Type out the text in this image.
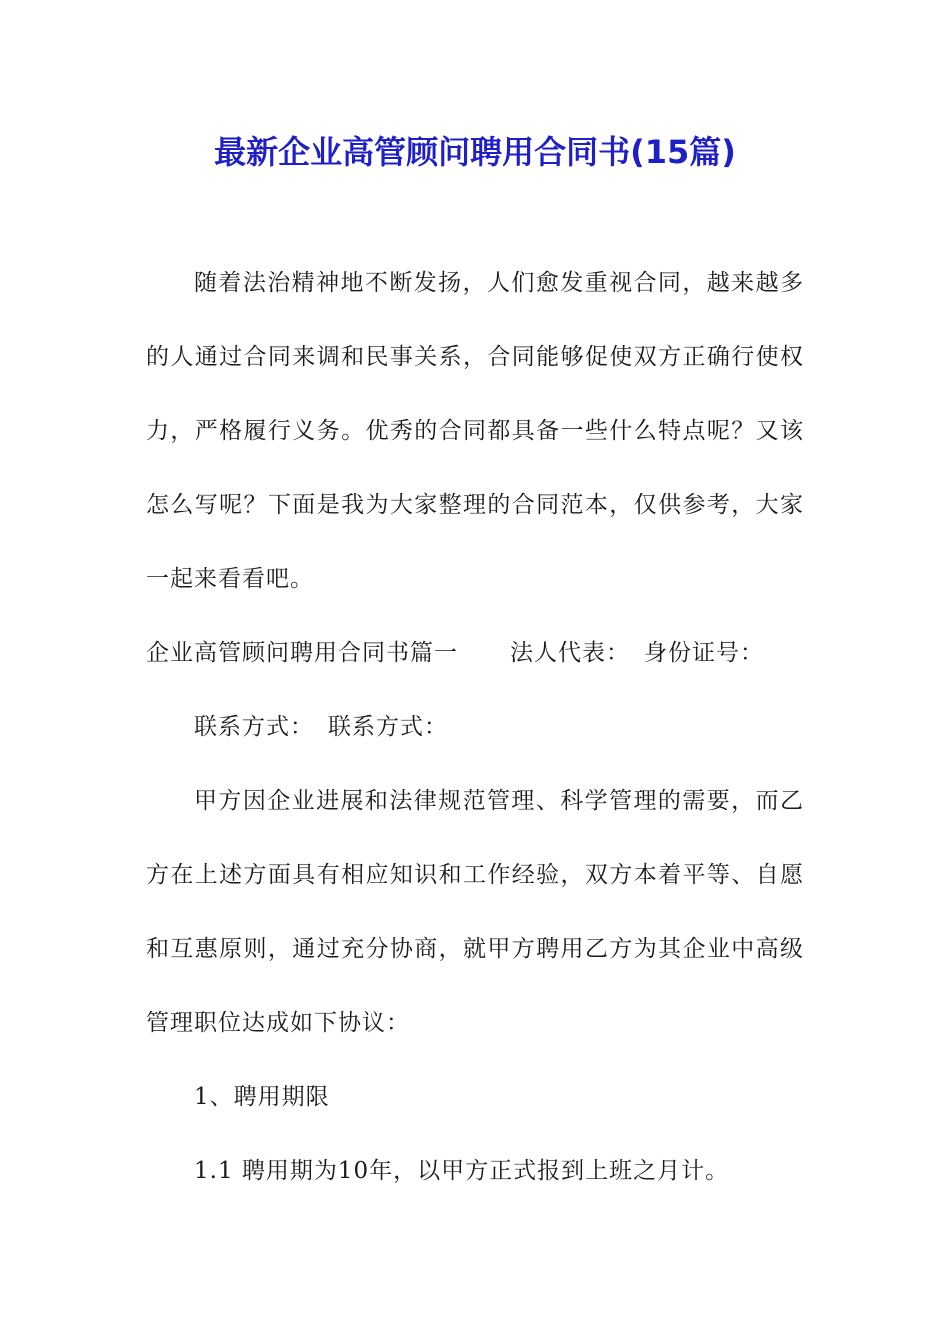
最新企业高管顾问聘用合同书(15篇)

随着法治精神地不断发扬，人们愈发重视合同，越来越多的人通过合同来调和民事关系，合同能够促使双方正确行使权力，严格履行义务。优秀的合同都具备一些什么特点呢？又该怎么写呢？下面是我为大家整理的合同范本，仅供参考，大家一起来看看吧。

企业高管顾问聘用合同书篇一 法人代表： 身份证号：

联系方式： 联系方式：

甲方因企业进展和法律规范管理、科学管理的需要，而乙方在上述方面具有相应知识和工作经验，双方本着平等、自愿和互惠原则，通过充分协商，就甲方聘用乙方为其企业中高级管理职位达成如下协议：

1、聘用期限

1.1 聘用期为10年，以甲方正式报到上班之月计。
